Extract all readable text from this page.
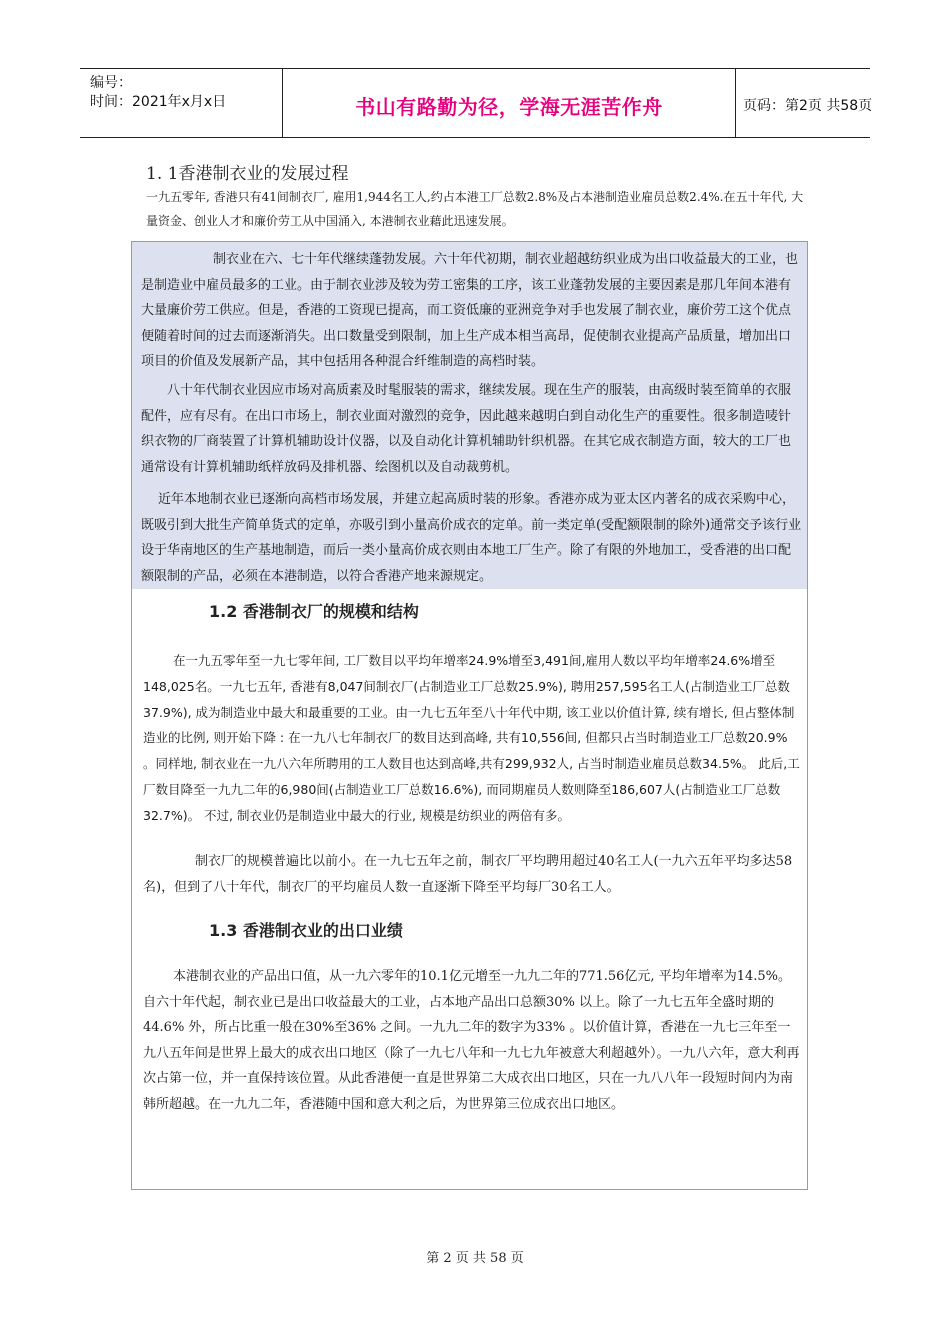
编号：
时间：2021年x月x日	书山有路勤为径，学海无涯苦作舟	页码：第2页 共58页
1. 1香港制衣业的发展过程
一九五零年, 香港只有41间制衣厂, 雇用1,944名工人,约占本港工厂总数2.8%及占本港制造业雇员总数2.4%.在五十年代, 大量资金、创业人才和廉价劳工从中国涌入, 本港制衣业藉此迅速发展。
制衣业在六、七十年代继续蓬勃发展。六十年代初期，制衣业超越纺织业成为出口收益最大的工业，也是制造业中雇员最多的工业。由于制衣业涉及较为劳工密集的工序，该工业蓬勃发展的主要因素是那几年间本港有大量廉价劳工供应。但是，香港的工资现已提高，而工资低廉的亚洲竞争对手也发展了制衣业，廉价劳工这个优点便随着时间的过去而逐渐消失。出口数量受到限制，加上生产成本相当高昂，促使制衣业提高产品质量，增加出口项目的价值及发展新产品，其中包括用各种混合纤维制造的高档时装。
八十年代制衣业因应市场对高质素及时髦服装的需求，继续发展。现在生产的服装，由高级时装至简单的衣服配件，应有尽有。在出口市场上，制衣业面对激烈的竞争，因此越来越明白到自动化生产的重要性。很多制造唛针织衣物的厂商装置了计算机辅助设计仪器，以及自动化计算机辅助针织机器。在其它成衣制造方面，较大的工厂也通常设有计算机辅助纸样放码及排机器、绘图机以及自动裁剪机。
近年本地制衣业已逐渐向高档市场发展，并建立起高质时装的形象。香港亦成为亚太区内著名的成衣采购中心，既吸引到大批生产简单货式的定单，亦吸引到小量高价成衣的定单。前一类定单(受配额限制的除外)通常交予该行业设于华南地区的生产基地制造，而后一类小量高价成衣则由本地工厂生产。除了有限的外地加工，受香港的出口配额限制的产品，必须在本港制造，以符合香港产地来源规定。
1.2 香港制衣厂的规模和结构
在一九五零年至一九七零年间, 工厂数目以平均年增率24.9%增至3,491间,雇用人数以平均年增率24.6%增至148,025名。一九七五年, 香港有8,047间制衣厂(占制造业工厂总数25.9%), 聘用257,595名工人(占制造业工厂总数37.9%), 成为制造业中最大和最重要的工业。由一九七五年至八十年代中期, 该工业以价值计算, 续有增长, 但占整体制造业的比例, 则开始下降 : 在一九八七年制衣厂的数目达到高峰, 共有10,556间, 但都只占当时制造业工厂总数20.9% 。同样地, 制衣业在一九八六年所聘用的工人数目也达到高峰,共有299,932人, 占当时制造业雇员总数34.5%。 此后,工厂数目降至一九九二年的6,980间(占制造业工厂总数16.6%), 而同期雇员人数则降至186,607人(占制造业工厂总数32.7%)。 不过, 制衣业仍是制造业中最大的行业, 规模是纺织业的两倍有多。
制衣厂的规模普遍比以前小。在一九七五年之前，制衣厂平均聘用超过40名工人(一九六五年平均多达58名)，但到了八十年代，制衣厂的平均雇员人数一直逐渐下降至平均每厂30名工人。
1.3 香港制衣业的出口业绩
本港制衣业的产品出口值，从一九六零年的10.1亿元增至一九九二年的771.56亿元, 平均年增率为14.5%。自六十年代起，制衣业已是出口收益最大的工业，占本地产品出口总额30% 以上。除了一九七五年全盛时期的44.6% 外，所占比重一般在30%至36% 之间。一九九二年的数字为33% 。以价值计算，香港在一九七三年至一九八五年间是世界上最大的成衣出口地区（除了一九七八年和一九七九年被意大利超越外）。一九八六年，意大利再次占第一位，并一直保持该位置。从此香港便一直是世界第二大成衣出口地区，只在一九八八年一段短时间内为南韩所超越。在一九九二年，香港随中国和意大利之后，为世界第三位成衣出口地区。
第 2 页 共 58 页
